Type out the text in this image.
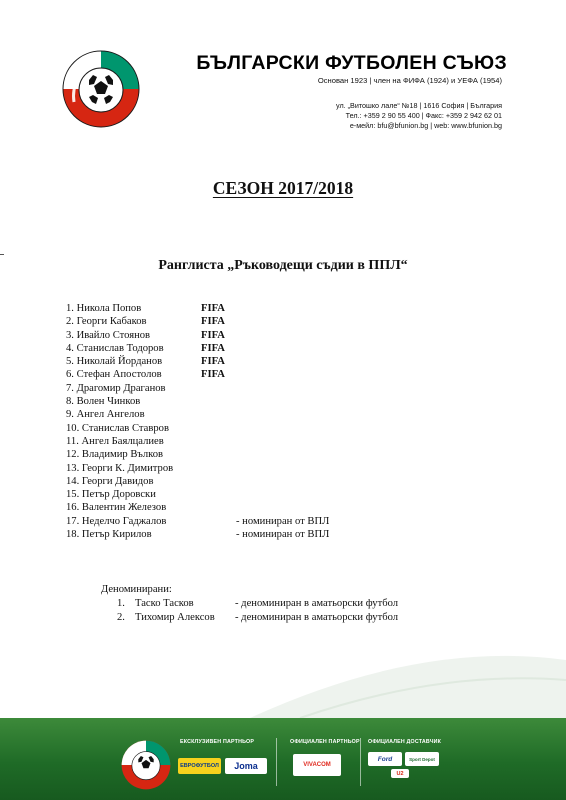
БЪЛГАРСКИ ФУТБОЛЕН СЪЮЗ
Основан 1923 | член на ФИФА (1924) и УЕФА (1954)
ул. „Витошко лале“ №18 | 1616 София | България
Тел.: +359 2 90 55 400 | Факс: +359 2 942 62 01
е-мейл: bfu@bfunion.bg | web: www.bfunion.bg
СЕЗОН 2017/2018
Ранглиста „Ръководещи съдии в ППЛ“
1. Никола Попов	FIFA
2. Георги Кабаков	FIFA
3. Ивайло Стоянов	FIFA
4. Станислав Тодоров	FIFA
5. Николай Йорданов	FIFA
6. Стефан Апостолов	FIFA
7. Драгомир Драганов
8. Волен Чинков
9. Ангел Ангелов
10. Станислав Ставров
11. Ангел Баялцалиев
12. Владимир Вълков
13. Георги К. Димитров
14. Георги Давидов
15. Петър Доровски
16. Валентин Железов
17. Неделчо Гаджалов	- номиниран от ВПЛ
18. Петър Кирилов	- номиниран от ВПЛ
Деноминирани:
1. Таско Тасков	- деноминиран в аматьорски футбол
2. Тихомир Алексов - деноминиран в аматьорски футбол
ЕКСКЛУЗИВЕН ПАРТНЬОР	ОФИЦИАЛЕН ПАРТНЬОР ОФИЦИАЛЕН ДОСТАВЧИК
ЕВРОФУТБОЛ	Joma	VIVACOM
Ford	Sport Depot
U2
